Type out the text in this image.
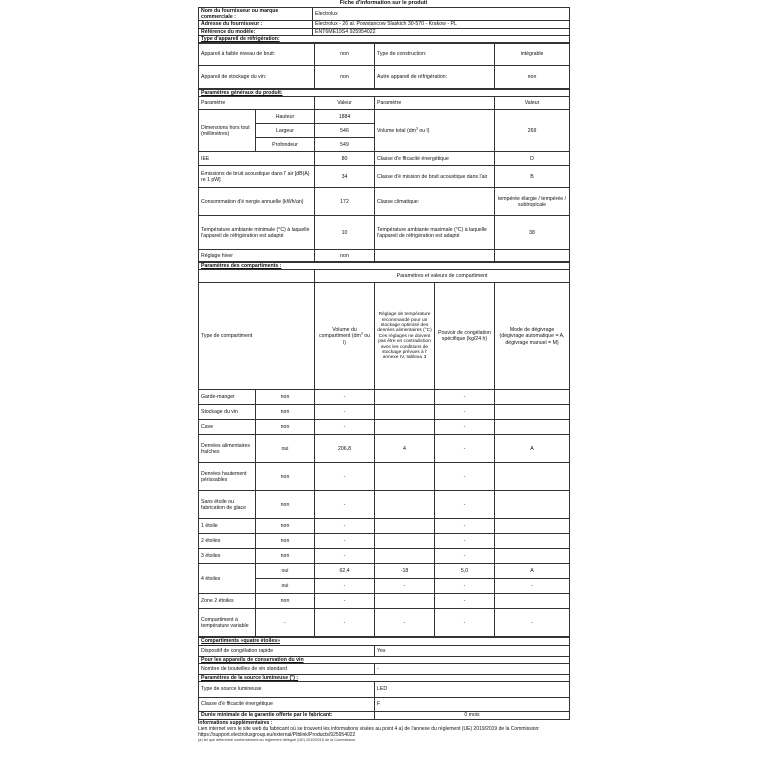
Fiche d'information sur le produit
Nom du fournisseur ou marque commerciale :	Electrolux
Adresse du fournisseur :	Electrolux - 26 al. Powstancow Slaskich 30-570 - Krakow - PL
Référence du modèle:	ENT6ME19S4 925954022
Type d'appareil de réfrigération:	
Appareil à faible niveau de bruit:	non	Type de construction:	intégrable
Appareil de stockage du vin:	non	Autre appareil de réfrigération:	non
Paramètres généraux du produit:				
Paramètre		Valeur	Paramètre	Valeur
Dimensions hors tout (millimètres)	Hauteur	1884	Volume total ($dm^3$ ou l)	269
	Largeur	546		
	Profondeur	549		
IEE		80	Classe d'e fficacité énergétique	D
Émissions de bruit acoustique dans l' air [dB(A) re 1 pW]		34	Classe d'é mission de bruit acoustique dans l'air	B
Consommation d'é nergie annuelle (kWh/an)		172	Classe climatique:	tempérée élargie / tempérée / subtropicale
Température ambiante minimale (°C) à laquelle l'appareil de réfrigération est adapté		10	Température ambiante maximale (°C) à laquelle l'appareil de réfrigération est adapté	38
Réglage hiver		non		
Paramètres des compartiments :					
		Paramètres et valeurs de compartiment			
Type de compartiment		Volume du compartiment ($dm^3$ ou l)	Réglage de température recommandé pour un stockage optimisé des denrées alimentaires (°C) Ces réglages ne doivent pas être en contradiction avec les conditions de stockage prévues à l' annexe IV, tableau 3	Pouvoir de congélation spécifique (kg/24 h)	Mode de dégivrage (dégivrage automatique = A, dégivrage manuel = M)
Garde-manger	non	-		-	
Stockage du vin	non	-		-	
Cave	non	-		-	
Denrées alimentaires fraîches	oui	206,8	4	-	A
Denrées hautement périssables	non	-		-	
Sans étoile ou fabrication de glace	non	-		-	
1 étoile	non	-		-	
2 étoiles	non	-		-	
3 étoiles	non	-		-	
4 étoiles	oui	62,4	-18	5,0	A
	oui	-	-	-	-
Zone 2 étoiles	non	-		-	
Compartiment à température variable	-	-	-	-	-
Compartiments «quatre étoiles»	
Dispositif de congélation rapide	Yes
Pour les appareils de conservation du vin	
Nombre de bouteilles de vin standard	-
Paramètres de la source lumineuse ($^a$) :	
Type de source lumineuse	LED
Classe d'é fficacité énergétique	F
Durée minimale de la garantie offerte par le fabricant:	0 mois
Informations supplémentaires :
Lien internet vers le site web du fabricant où se trouvent les informations visées au point 4 a) de l'annexe du règlement (UE) 2019/2019 de la Commission: https://support.electroluxgroup.eu/external/PIblink/Products/925954022
(a) tel que déterminé conformément au règlement délégué (UE) 2019/2015 de la Commission.
